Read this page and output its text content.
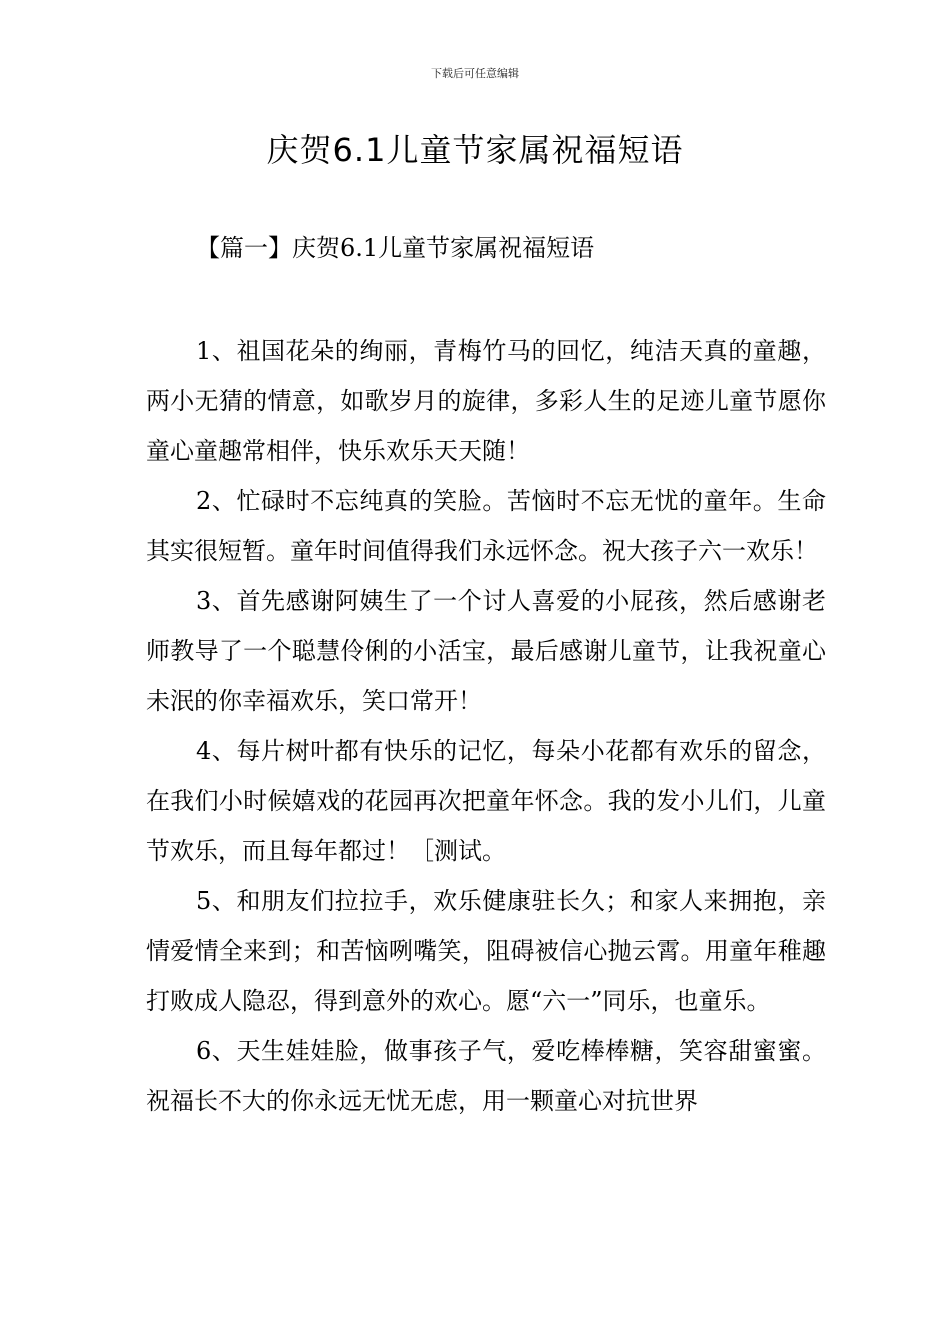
下载后可任意编辑
庆贺6.1儿童节家属祝福短语
【篇一】庆贺6.1儿童节家属祝福短语

1、祖国花朵的绚丽，青梅竹马的回忆，纯洁天真的童趣，两小无猜的情意，如歌岁月的旋律，多彩人生的足迹儿童节愿你童心童趣常相伴，快乐欢乐天天随！

2、忙碌时不忘纯真的笑脸。苦恼时不忘无忧的童年。生命其实很短暂。童年时间值得我们永远怀念。祝大孩子六一欢乐！

3、首先感谢阿姨生了一个讨人喜爱的小屁孩，然后感谢老师教导了一个聪慧伶俐的小活宝，最后感谢儿童节，让我祝童心未泯的你幸福欢乐，笑口常开！

4、每片树叶都有快乐的记忆，每朵小花都有欢乐的留念，在我们小时候嬉戏的花园再次把童年怀念。我的发小儿们，儿童节欢乐，而且每年都过！［测试。

5、和朋友们拉拉手，欢乐健康驻长久；和家人来拥抱，亲情爱情全来到；和苦恼咧嘴笑，阻碍被信心抛云霄。用童年稚趣打败成人隐忍，得到意外的欢心。愿“六一”同乐，也童乐。

6、天生娃娃脸，做事孩子气，爱吃棒棒糖，笑容甜蜜蜜。祝福长不大的你永远无忧无虑，用一颗童心对抗世界
